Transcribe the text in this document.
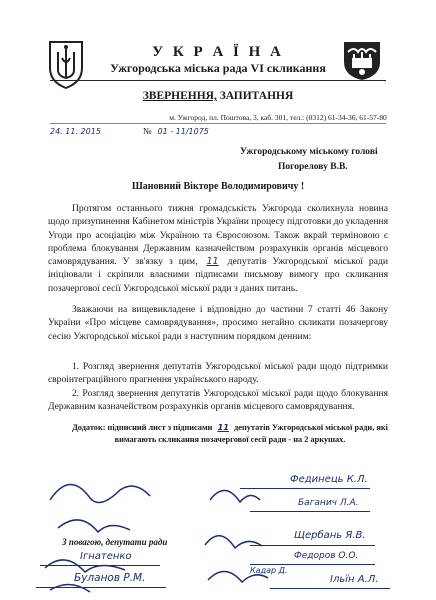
У К Р А Ї Н А
Ужгородська міська рада VI скликання
ЗВЕРНЕННЯ, ЗАПИТАННЯ
м. Ужгород, пл. Поштова, 3, каб. 301, тел.: (0312) 61-34-36, 61-57-80
24. 11. 2015	№ 01 - 11/1075
Ужгородському міському голові
Погорелову В.В.
Шановний Вікторе Володимировичу !
Протягом останнього тижня громадськість Ужгорода сколихнула новина щодо призупинення Кабінетом міністрів України процесу підготовки до укладення Угоди про асоціацію між Україною та Євросоюзом. Також вкрай терміновою є проблема блокування Державним казначейством розрахунків органів місцевого самоврядування. У зв'язку з цим, 11 депутатів Ужгородської міської ради ініціювали і скріпили власними підписами письмову вимогу про скликання позачергової сесії Ужгородської міської ради з даних питань.
Зважаючи на вищевикладене і відповідно до частини 7 статті 46 Закону України «Про місцеве самоврядування», просимо негайно скликати позачергову сесію Ужгородської міської ради з наступним порядком денним:
1. Розгляд звернення депутатів Ужгородської міської ради щодо підтримки євроінтеграційного прагнення українського народу.
2. Розгляд звернення депутатів Ужгородської міської ради щодо блокування Державним казначейством розрахунків органів місцевого самоврядування.
Додаток: підписний лист з підписами 11 депутатів Ужгородської міської ради, які вимагають скликання позачергової сесії ради - на 2 аркушах.
З повагою, депутати ради
Фединець К.Л.
Баганич Л.А.
Щербань Я.В.
Федоров О.О.
Ігнатенко
Буланов Р.М.	Ільїн А.Л.
Кадар Д.
